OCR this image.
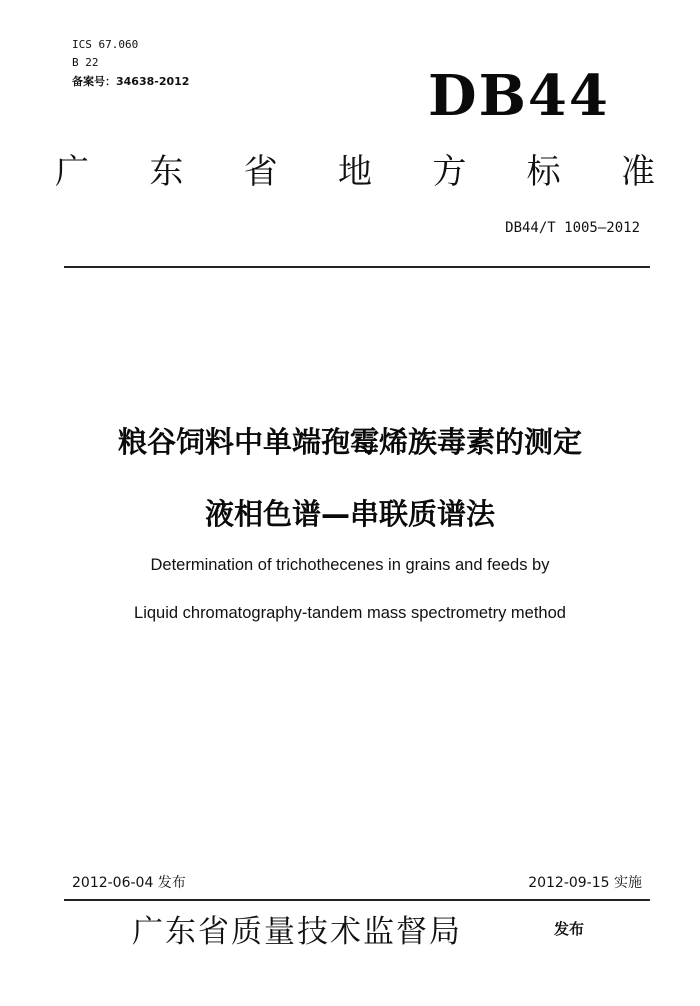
ICS 67.060
B 22
备案号：34638-2012	DB44
广 东 省 地 方 标 准
DB44/T 1005—2012
粮谷饲料中单端孢霉烯族毒素的测定
液相色谱—串联质谱法
Determination of trichothecenes in grains and feeds by
Liquid chromatography-tandem mass spectrometry method
2012-06-04 发布	2012-09-15 实施
广东省质量技术监督局	发布
